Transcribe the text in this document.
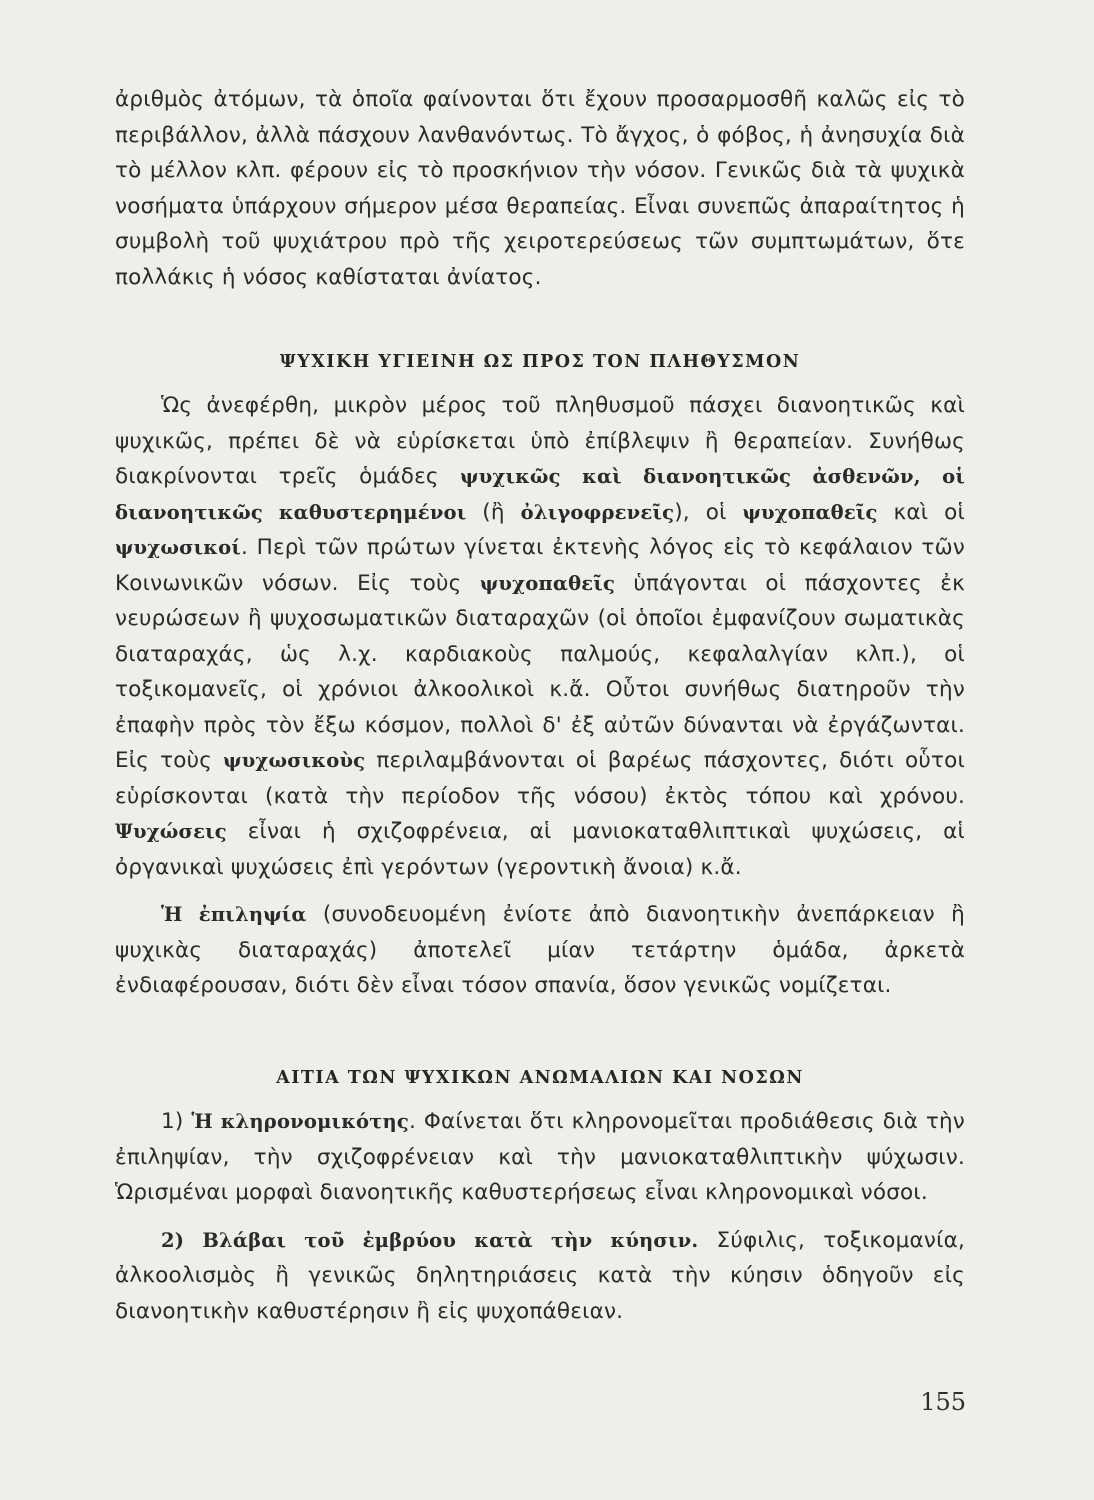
ἀριθμὸς ἀτόμων, τὰ ὁποῖα φαίνονται ὅτι ἔχουν προσαρμοσθῆ καλῶς εἰς τὸ περιβάλλον, ἀλλὰ πάσχουν λανθανόντως. Τὸ ἄγχος, ὁ φόβος, ἡ ἀνησυχία διὰ τὸ μέλλον κλπ. φέρουν εἰς τὸ προσκήνιον τὴν νόσον. Γενικῶς διὰ τὰ ψυχικὰ νοσήματα ὑπάρχουν σήμερον μέσα θεραπείας. Εἶναι συνεπῶς ἀπαραίτητος ἡ συμβολὴ τοῦ ψυχιάτρου πρὸ τῆς χειροτερεύσεως τῶν συμπτωμάτων, ὅτε πολλάκις ἡ νόσος καθίσταται ἀνίατος.

ΨΥΧΙΚΗ ΥΓΙΕΙΝΗ ΩΣ ΠΡΟΣ ΤΟΝ ΠΛΗΘΥΣΜΟΝ

Ὡς ἀνεφέρθη, μικρὸν μέρος τοῦ πληθυσμοῦ πάσχει διανοητικῶς καὶ ψυχικῶς, πρέπει δὲ νὰ εὑρίσκεται ὑπὸ ἐπίβλεψιν ἢ θεραπείαν. Συνήθως διακρίνονται τρεῖς ὁμάδες ψυχικῶς καὶ διανοητικῶς ἀσθενῶν, οἱ διανοητικῶς καθυστερημένοι (ἢ ὀλιγοφρενεῖς), οἱ ψυχοπαθεῖς καὶ οἱ ψυχωσικοί. Περὶ τῶν πρώτων γίνεται ἐκτενὴς λόγος εἰς τὸ κεφάλαιον τῶν Κοινωνικῶν νόσων. Εἰς τοὺς ψυχοπαθεῖς ὑπάγονται οἱ πάσχοντες ἐκ νευρώσεων ἢ ψυχοσωματικῶν διαταραχῶν (οἱ ὁποῖοι ἐμφανίζουν σωματικὰς διαταραχάς, ὡς λ.χ. καρδιακοὺς παλμούς, κεφαλαλγίαν κλπ.), οἱ τοξικομανεῖς, οἱ χρόνιοι ἀλκοολικοὶ κ.ἄ. Οὗτοι συνήθως διατηροῦν τὴν ἐπαφὴν πρὸς τὸν ἔξω κόσμον, πολλοὶ δ' ἐξ αὐτῶν δύνανται νὰ ἐργάζωνται. Εἰς τοὺς ψυχωσικοὺς περιλαμβάνονται οἱ βαρέως πάσχοντες, διότι οὗτοι εὑρίσκονται (κατὰ τὴν περίοδον τῆς νόσου) ἐκτὸς τόπου καὶ χρόνου. Ψυχώσεις εἶναι ἡ σχιζοφρένεια, αἱ μανιοκαταθλιπτικαὶ ψυχώσεις, αἱ ὀργανικαὶ ψυχώσεις ἐπὶ γερόντων (γεροντικὴ ἄνοια) κ.ἄ.

Ἡ ἐπιληψία (συνοδευομένη ἐνίοτε ἀπὸ διανοητικὴν ἀνεπάρκειαν ἢ ψυχικὰς διαταραχάς) ἀποτελεῖ μίαν τετάρτην ὁμάδα, ἀρκετὰ ἐνδιαφέρουσαν, διότι δὲν εἶναι τόσον σπανία, ὅσον γενικῶς νομίζεται.

ΑΙΤΙΑ ΤΩΝ ΨΥΧΙΚΩΝ ΑΝΩΜΑΛΙΩΝ ΚΑΙ ΝΟΣΩΝ

1) Ἡ κληρονομικότης. Φαίνεται ὅτι κληρονομεῖται προδιάθεσις διὰ τὴν ἐπιληψίαν, τὴν σχιζοφρένειαν καὶ τὴν μανιοκαταθλιπτικὴν ψύχωσιν. Ὡρισμέναι μορφαὶ διανοητικῆς καθυστερήσεως εἶναι κληρονομικαὶ νόσοι.

2) Βλάβαι τοῦ ἐμβρύου κατὰ τὴν κύησιν. Σύφιλις, τοξικομανία, ἀλκοολισμὸς ἢ γενικῶς δηλητηριάσεις κατὰ τὴν κύησιν ὁδηγοῦν εἰς διανοητικὴν καθυστέρησιν ἢ εἰς ψυχοπάθειαν.

155
